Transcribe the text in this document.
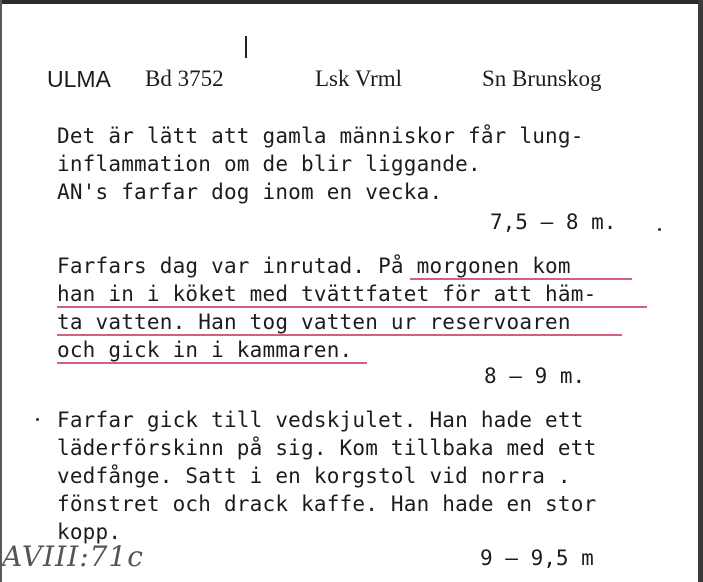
ULMA Bd 3752	Lsk Vrml	Sn Brunskog
Det är lätt att gamla människor får lung-
inflammation om de blir liggande.
AN's farfar dog inom en vecka.
7,5 – 8 m.
Farfars dag var inrutad. På morgonen kom
han in i köket med tvättfatet för att häm-
ta vatten. Han tog vatten ur reservoaren
och gick in i kammaren.
8 – 9 m.
Farfar gick till vedskjulet. Han hade ett
läderförskinn på sig. Kom tillbaka med ett
vedfånge. Satt i en korgstol vid norra .
fönstret och drack kaffe. Han hade en stor
kopp.
9 – 9,5 m
AVIII:71c
